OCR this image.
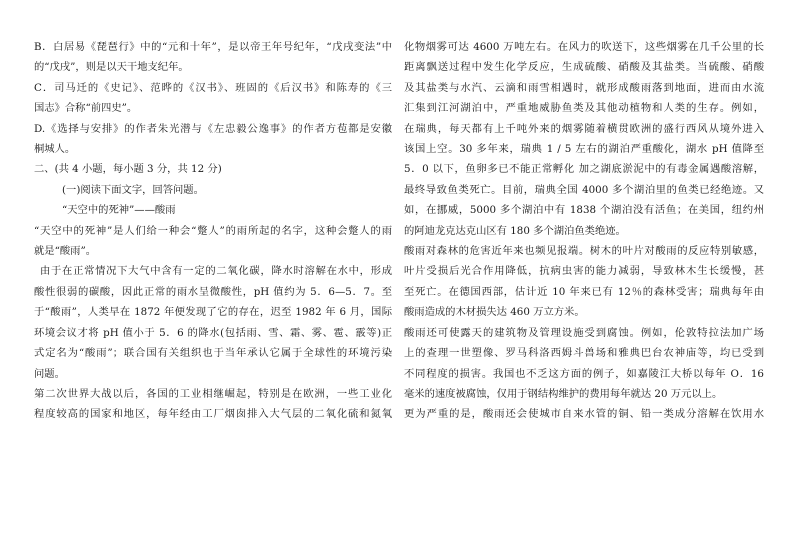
B．白居易《琵琶行》中的“元和十年”，是以帝王年号纪年，“戊戌变法”中
的“戊戌”，则是以天干地支纪年。
C．司马迁的《史记》、范晔的《汉书》、班固的《后汉书》和陈寿的《三
国志》合称“前四史”。
D.《选择与安排》的作者朱光潜与《左忠毅公逸事》的作者方苞都是安徽
桐城人。
二、(共 4 小题，每小题 3 分，共 12 分)
(一)阅读下面文字，回答问题。
“天空中的死神”——酸雨
“天空中的死神”是人们给一种会“蹩人”的雨所起的名字，这种会蹩人的雨
就是“酸雨”。
由于在正常情况下大气中含有一定的二氧化碳，降水时溶解在水中，形成
酸性很弱的碳酸，因此正常的雨水呈微酸性，pH 值约为 5．6—5．7。至
于“酸雨”，人类早在 1872 年便发现了它的存在，迟至 1982 年 6 月，国际
环境会议才将 pH 值小于 5．6 的降水(包括雨、雪、霜、雾、雹、霰等)正
式定名为“酸雨”；联合国有关组织也于当年承认它属于全球性的环境污染
问题。
第二次世界大战以后，各国的工业相继崛起，特别是在欧洲，一些工业化
程度较高的国家和地区，每年经由工厂烟囱排入大气层的二氧化硫和氮氧
化物烟雾可达 4600 万吨左右。在风力的吹送下，这些烟雾在几千公里的长
距离飘送过程中发生化学反应，生成硫酸、硝酸及其盐类。当硫酸、硝酸
及其盐类与水汽、云滴和雨雪相遇时，就形成酸雨落到地面，进而由水流
汇集到江河湖泊中，严重地威胁鱼类及其他动植物和人类的生存。例如，
在瑞典，每天都有上千吨外来的烟雾随着横贯欧洲的盛行西风从境外进入
该国上空。30 多年来，瑞典 1 / 5 左右的湖泊严重酸化，湖水 pH 值降至
5．0 以下，鱼卵多已不能正常孵化 加之湖底淤泥中的有毒金属遇酸溶解，
最终导致鱼类死亡。目前，瑞典全国 4000 多个湖泊里的鱼类已经绝迹。又
如，在挪威，5000 多个湖泊中有 1838 个湖泊没有活鱼；在美国，纽约州
的阿迪龙克达克山区有 180 多个湖泊鱼类绝迹。
酸雨对森林的危害近年来也频见报端。树木的叶片对酸雨的反应特别敏感，
叶片受损后光合作用降低，抗病虫害的能力减弱，导致林木生长缓慢，甚
至死亡。在德国西部，估计近 10 年来已有 12％的森林受害；瑞典每年由
酸雨造成的木材损失达 460 万立方米。
酸雨还可使露天的建筑物及管理设施受到腐蚀。例如，伦敦特拉法加广场
上的查理一世塑像、罗马科洛西姆斗兽场和雅典巴台农神庙等，均已受到
不同程度的损害。我国也不乏这方面的例子，如嘉陵江大桥以每年 O．16
毫米的速度被腐蚀，仅用于钢结构维护的费用每年就达 20 万元以上。
更为严重的是，酸雨还会使城市自来水管的铜、铅一类成分溶解在饮用水
